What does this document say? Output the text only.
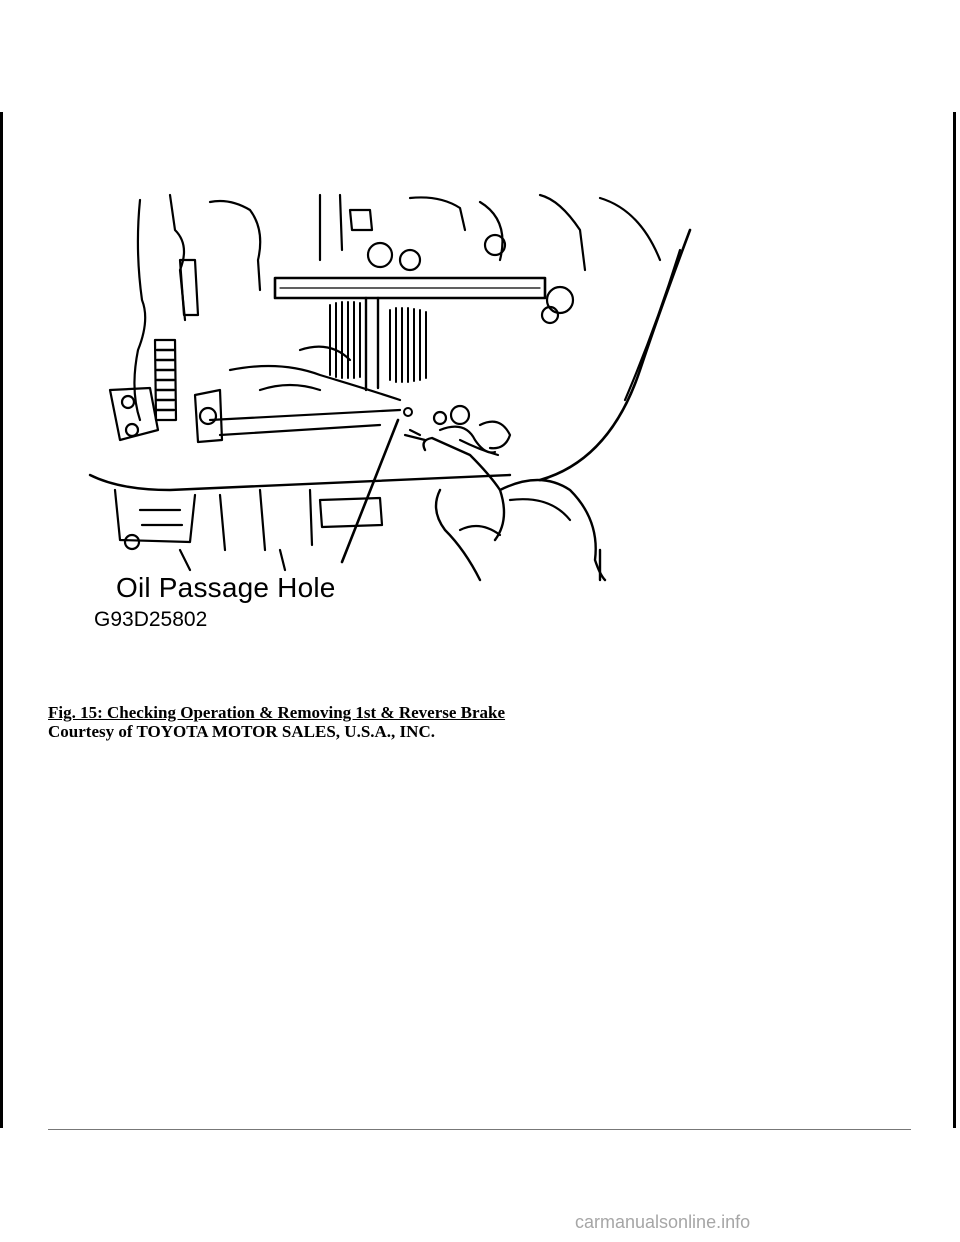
Oil Passage Hole
G93D25802
Fig. 15: Checking Operation & Removing 1st & Reverse Brake
Courtesy of TOYOTA MOTOR SALES, U.S.A., INC.
carmanualsonline.info
